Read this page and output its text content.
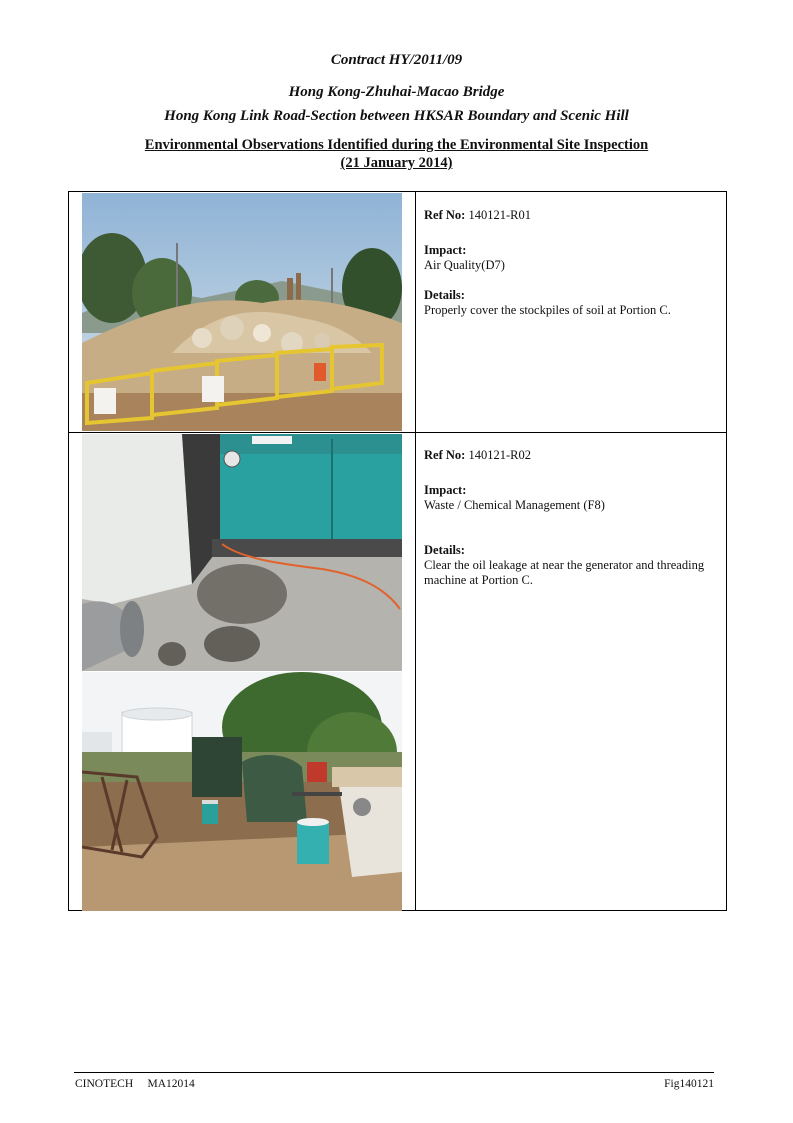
Contract HY/2011/09
Hong Kong-Zhuhai-Macao Bridge
Hong Kong Link Road-Section between HKSAR Boundary and Scenic Hill
Environmental Observations Identified during the Environmental Site Inspection
(21 January 2014)
Ref No: 140121-R01
Impact:
Air Quality(D7)
Details:
Properly cover the stockpiles of soil at Portion C.
Ref No: 140121-R02
Impact:
Waste / Chemical Management (F8)
Details:
Clear the oil leakage at near the generator and threading machine at Portion C.
CINOTECH     MA12014	Fig140121
